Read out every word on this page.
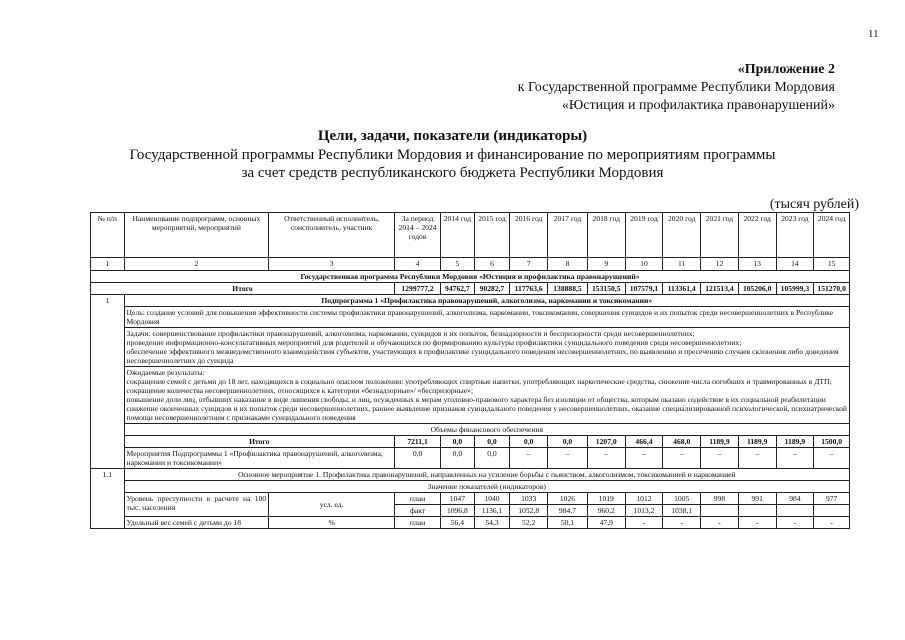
11
«Приложение 2
к Государственной программе Республики Мордовия
«Юстиция и профилактика правонарушений»
Цели, задачи, показатели (индикаторы)
Государственной программы Республики Мордовия и финансирование по мероприятиям программы
за счет средств республиканского бюджета Республики Мордовия
(тысяч рублей)
№ п/п	Наименование подпрограмм, основных мероприятий, мероприятий	Ответственный исполнитель, соисполнитель, участник	За период 2014 – 2024 годов	2014 год	2015 год	2016 год	2017 год	2018 год	2019 год	2020 год	2021 год	2022 год	2023 год	2024 год
1	2	3	4	5	6	7	8	9	10	11	12	13	14	15
Государственная программа Республики Мордовия «Юстиция и профилактика правонарушений»														
Итого			1299777,2	94762,7	90282,7	117763,6	138888,5	153150,5	107579,1	113361,4	121513,4	105206,0	105999,3	151270,0
1	Подпрограмма 1 «Профилактика правонарушений, алкоголизма, наркомании и токсикомании»													
	Цель: создание условий для повышения эффективности системы профилактики правонарушений, алкоголизма, наркомании, токсикомании, совершения суицидов и их попыток среди несовершеннолетних в Республике Мордовия													

	Задачи: совершенствование профилактики правонарушений, алкоголизма, наркомании, суицидов и их попыток, безнадзорности и беспризорности среди несовершеннолетних;
проведение информационно-консультативных мероприятий для родителей и обучающихся по формированию культуры профилактики суицидального поведения среди несовершеннолетних;
обеспечение эффективного межведомственного взаимодействия субъектов, участвующих в профилактике суицидального поведения несовершеннолетних, по выявлению и пресечению случаев склонения либо доведения несовершеннолетних до суицида													

	Ожидаемые результаты:
сокращение семей с детьми до 18 лет, находящихся в социально опасном положении: употребляющих спиртные напитки, употребляющих наркотические средства, снижение числа погибших и травмированных в ДТП;
сокращение количества несовершеннолетних, относящихся к категории «безнадзорные»/ «беспризорные»;
повышение доли лиц, отбывших наказание в виде лишения свободы, и лиц, осужденных к мерам уголовно-правового характера без изоляции от общества, которым оказано содействие в их социальной реабилитации
снижение оконченных суицидов и их попыток среди несовершеннолетних, раннее выявление признаков суицидального поведения у несовершеннолетних, оказание специализированной психологической, психиатрической помощи несовершеннолетним с признаками суицидального поведения													

	Объемы финансового обеспечения													
	Итого		7211,1	0,0	0,0	0,0	0,0	1207,0	466,4	468,0	1189,9	1189,9	1189,9	1500,0
	Мероприятия Подпрограммы 1 «Профилактика правонарушений, алкоголизма, наркомании и токсикомании»		0,0	0,0	0,0	–	–	–	–	–	–	–	–	–
1.1	Основное мероприятие 1. Профилактика правонарушений, направленных на усиление борьбы с пьянством, алкоголизмом, токсикоманией и наркоманией													
	Значение показателей (индикаторов)													
	Уровень преступности в расчете на 100 тыс. населения	усл. ед.	план	1047	1040	1033	1026	1019	1012	1005	998	991	984	977
			факт	1096,8	1136,1	1052,8	984,7	960,2	1013,2	1038,1				
	Удельный вес семей с детьми до 18	%	план	56,4	54,3	52,2	50,1	47,9	-	-	-	-	-	-
